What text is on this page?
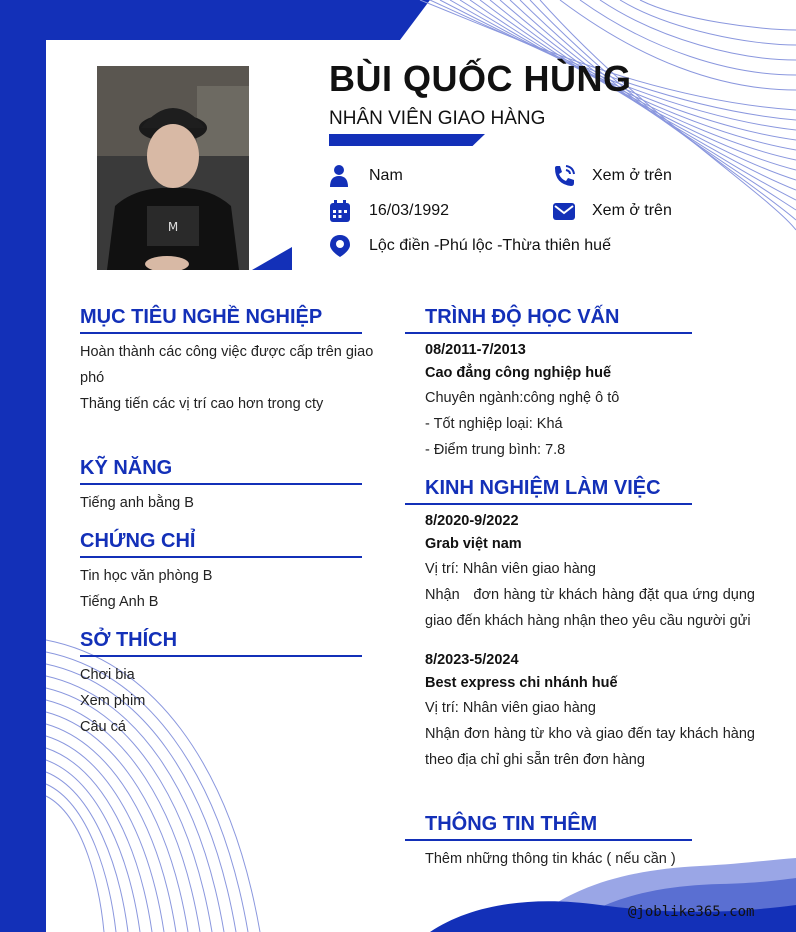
M
BÙI QUỐC HÙNG
NHÂN VIÊN GIAO HÀNG
Nam
16/03/1992
Lộc điền -Phú lộc -Thừa thiên huế
Xem ở trên
Xem ở trên
MỤC TIÊU NGHỀ NGHIỆP
Hoàn thành các công việc được cấp trên giao
phó
Thăng tiến các vị trí cao hơn trong cty
KỸ NĂNG
Tiếng anh bằng B
CHỨNG CHỈ
Tin học văn phòng B
Tiếng Anh B
SỞ THÍCH
Chơi bia
Xem phim
Câu cá
TRÌNH ĐỘ HỌC VẤN
08/2011-7/2013
Cao đẳng công nghiệp huế
Chuyên ngành:công nghệ ô tô
- Tốt nghiệp loại: Khá
- Điểm trung bình: 7.8
KINH NGHIỆM LÀM VIỆC
8/2020-9/2022
Grab việt nam
Vị trí: Nhân viên giao hàng
Nhận   đơn hàng từ khách hàng đặt qua ứng dụng
giao đến khách hàng nhận theo yêu cầu người gửi
8/2023-5/2024
Best express chi nhánh huế
Vị trí: Nhân viên giao hàng
Nhận đơn hàng từ kho và giao đến tay khách hàng
theo địa chỉ ghi sẵn trên đơn hàng
THÔNG TIN THÊM
Thêm những thông tin khác ( nếu cần )
@joblike365.com
